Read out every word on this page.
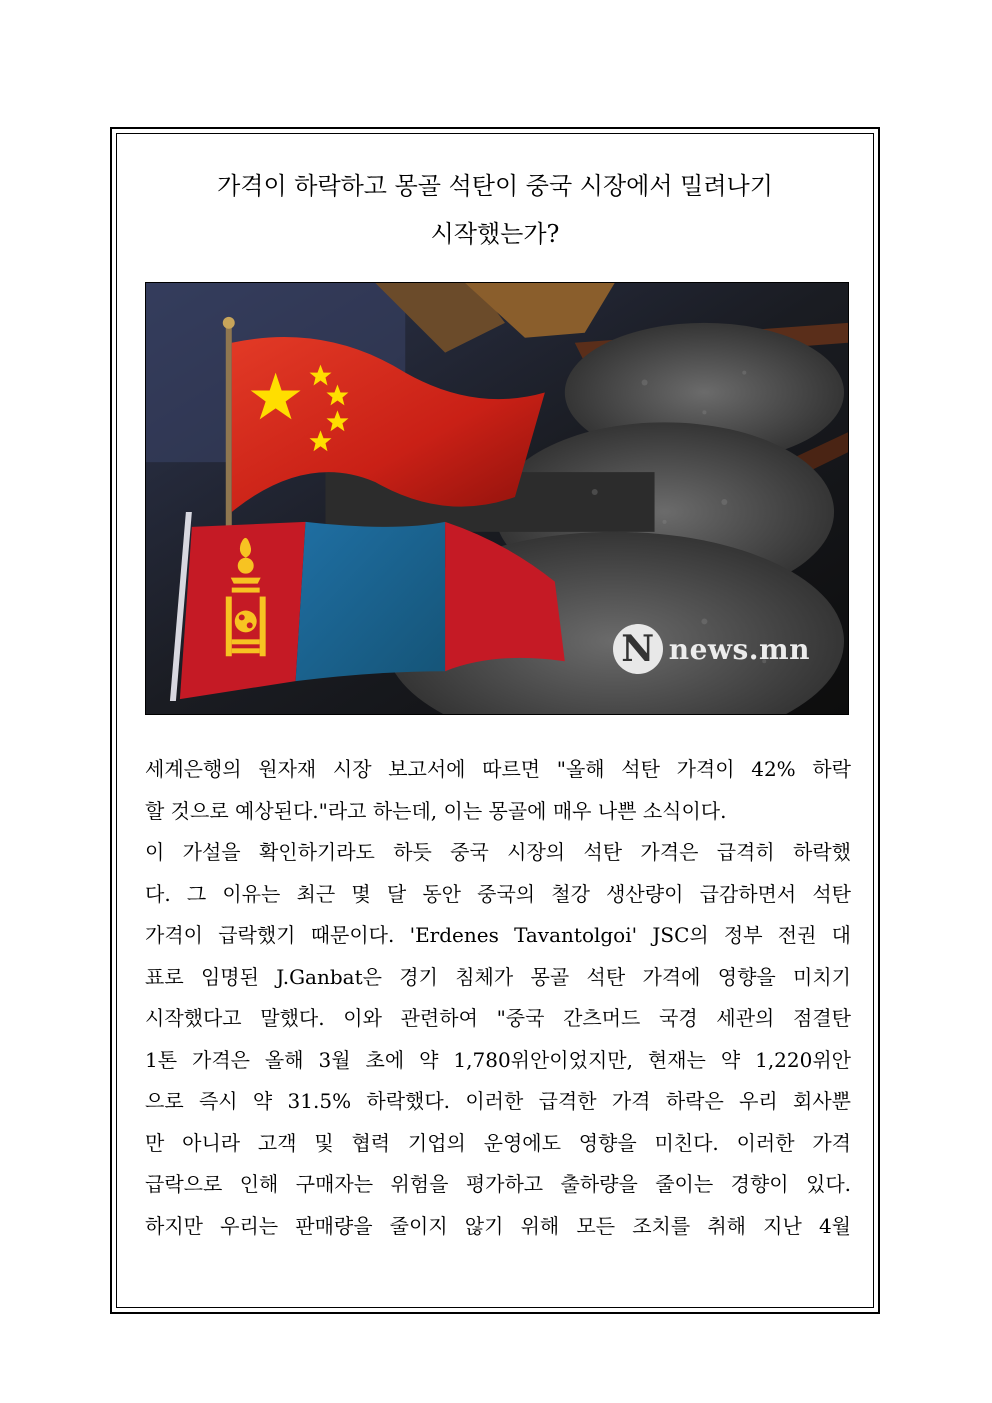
가격이 하락하고 몽골 석탄이 중국 시장에서 밀려나기
시작했는가?
N news.mn
세계은행의 원자재 시장 보고서에 따르면 "올해 석탄 가격이 42% 하락
할 것으로 예상된다."라고 하는데, 이는 몽골에 매우 나쁜 소식이다.
이 가설을 확인하기라도 하듯 중국 시장의 석탄 가격은 급격히 하락했
다. 그 이유는 최근 몇 달 동안 중국의 철강 생산량이 급감하면서 석탄
가격이 급락했기 때문이다. 'Erdenes Tavantolgoi' JSC의 정부 전권 대
표로 임명된 J.Ganbat은 경기 침체가 몽골 석탄 가격에 영향을 미치기
시작했다고 말했다. 이와 관련하여 "중국 간츠머드 국경 세관의 점결탄
1톤 가격은 올해 3월 초에 약 1,780위안이었지만, 현재는 약 1,220위안
으로 즉시 약 31.5% 하락했다. 이러한 급격한 가격 하락은 우리 회사뿐
만 아니라 고객 및 협력 기업의 운영에도 영향을 미친다. 이러한 가격
급락으로 인해 구매자는 위험을 평가하고 출하량을 줄이는 경향이 있다.
하지만 우리는 판매량을 줄이지 않기 위해 모든 조치를 취해 지난 4월
